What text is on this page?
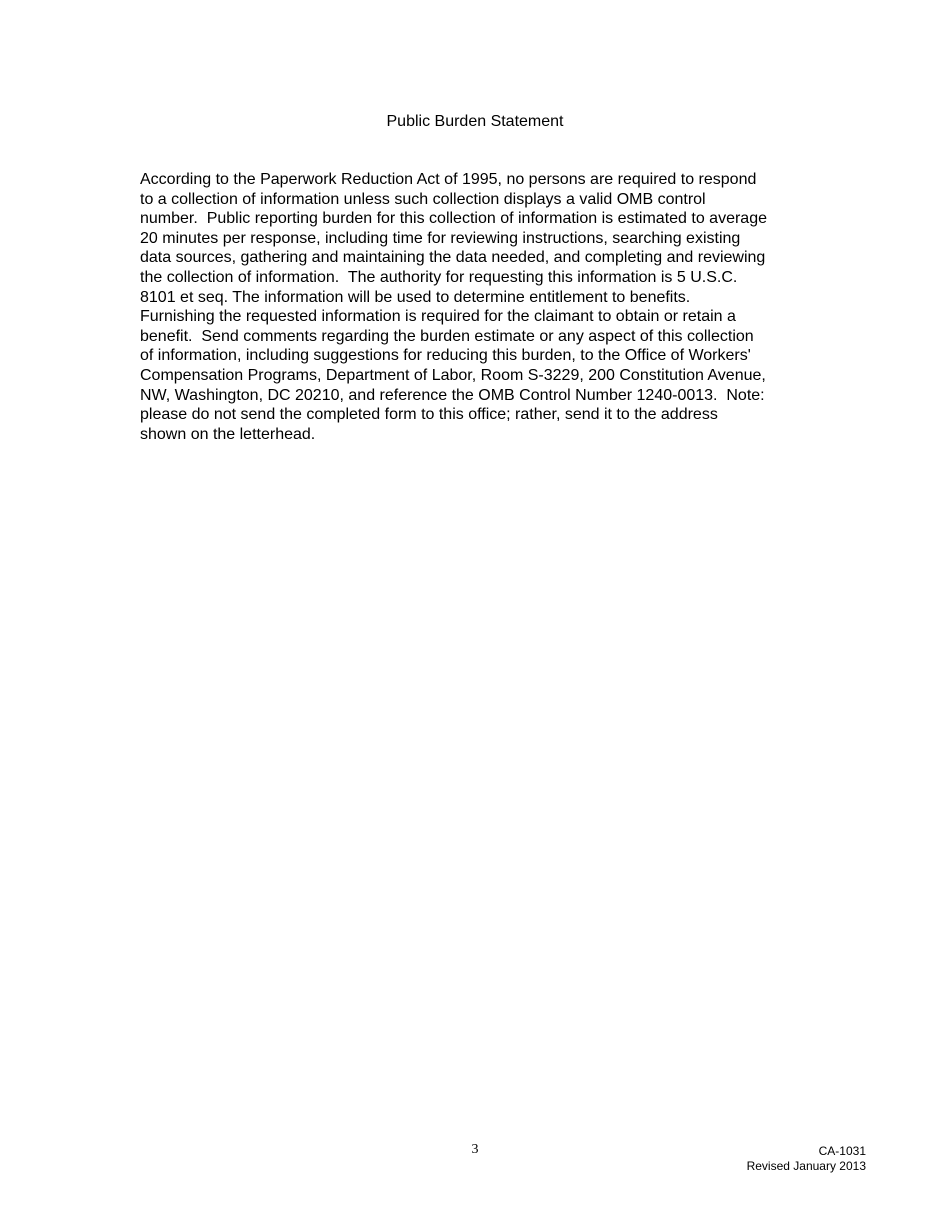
Public Burden Statement
According to the Paperwork Reduction Act of 1995, no persons are required to respond
to a collection of information unless such collection displays a valid OMB control
number.  Public reporting burden for this collection of information is estimated to average
20 minutes per response, including time for reviewing instructions, searching existing
data sources, gathering and maintaining the data needed, and completing and reviewing
the collection of information.  The authority for requesting this information is 5 U.S.C.
8101 et seq. The information will be used to determine entitlement to benefits.
Furnishing the requested information is required for the claimant to obtain or retain a
benefit.  Send comments regarding the burden estimate or any aspect of this collection
of information, including suggestions for reducing this burden, to the Office of Workers'
Compensation Programs, Department of Labor, Room S-3229, 200 Constitution Avenue,
NW, Washington, DC 20210, and reference the OMB Control Number 1240-0013.  Note:
please do not send the completed form to this office; rather, send it to the address
shown on the letterhead.
3	CA-1031
Revised January 2013
